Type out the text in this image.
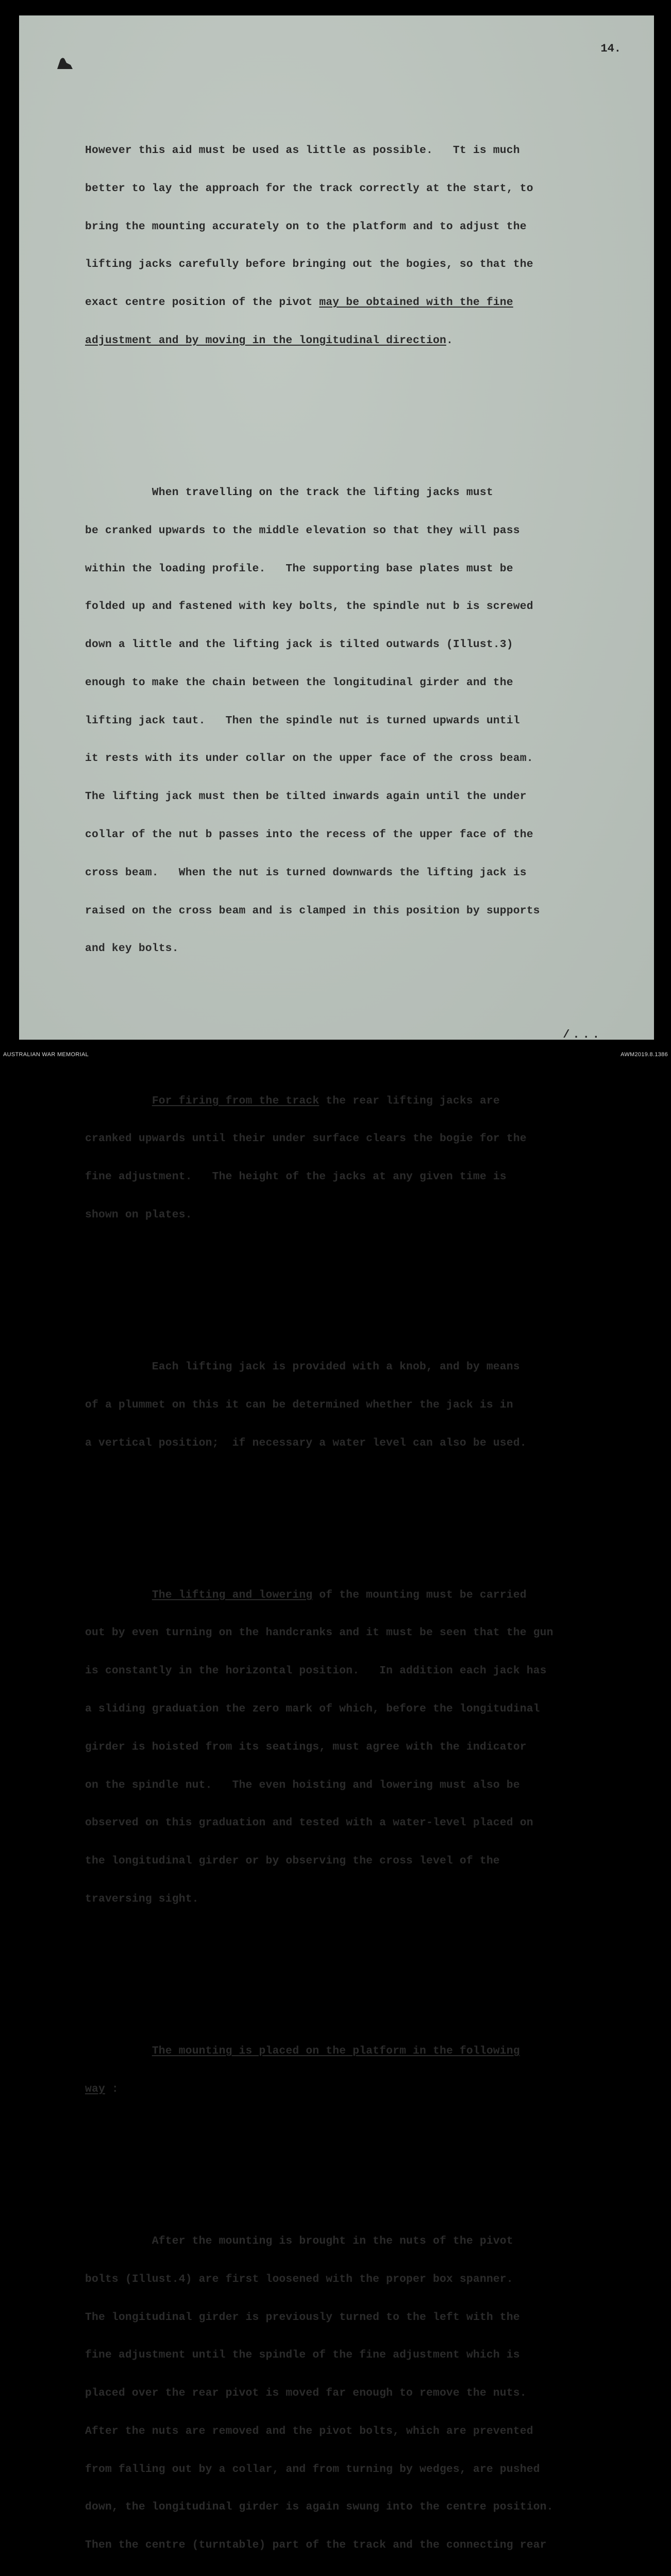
14.

However this aid must be used as little as possible.   Tt is much

better to lay the approach for the track correctly at the start, to

bring the mounting accurately on to the platform and to adjust the

lifting jacks carefully before bringing out the bogies, so that the

exact centre position of the pivot may be obtained with the fine

adjustment and by moving in the longitudinal direction.

When travelling on the track the lifting jacks must

be cranked upwards to the middle elevation so that they will pass

within the loading profile.   The supporting base plates must be

folded up and fastened with key bolts, the spindle nut b is screwed

down a little and the lifting jack is tilted outwards (Illust.3)

enough to make the chain between the longitudinal girder and the

lifting jack taut.   Then the spindle nut is turned upwards until

it rests with its under collar on the upper face of the cross beam.

The lifting jack must then be tilted inwards again until the under

collar of the nut b passes into the recess of the upper face of the

cross beam.   When the nut is turned downwards the lifting jack is

raised on the cross beam and is clamped in this position by supports

and key bolts.

For firing from the track the rear lifting jacks are

cranked upwards until their under surface clears the bogie for the

fine adjustment.   The height of the jacks at any given time is

shown on plates.

Each lifting jack is provided with a knob, and by means

of a plummet on this it can be determined whether the jack is in

a vertical position;  if necessary a water level can also be used.

The lifting and lowering of the mounting must be carried

out by even turning on the handcranks and it must be seen that the gun

is constantly in the horizontal position.   In addition each jack has

a sliding graduation the zero mark of which, before the longitudinal

girder is hoisted from its seatings, must agree with the indicator

on the spindle nut.   The even hoisting and lowering must also be

observed on this graduation and tested with a water-level placed on

the longitudinal girder or by observing the cross level of the

traversing sight.

The mounting is placed on the platform in the following

way :

After the mounting is brought in the nuts of the pivot

bolts (Illust.4) are first loosened with the proper box spanner.

The longitudinal girder is previously turned to the left with the

fine adjustment until the spindle of the fine adjustment which is

placed over the rear pivot is moved far enough to remove the nuts.

After the nuts are removed and the pivot bolts, which are prevented

from falling out by a collar, and from turning by wedges, are pushed

down, the longitudinal girder is again swung into the centre position.

Then the centre (turntable) part of the track and the connecting rear

/...
AUSTRALIAN WAR MEMORIAL	AWM2019.8.1386
